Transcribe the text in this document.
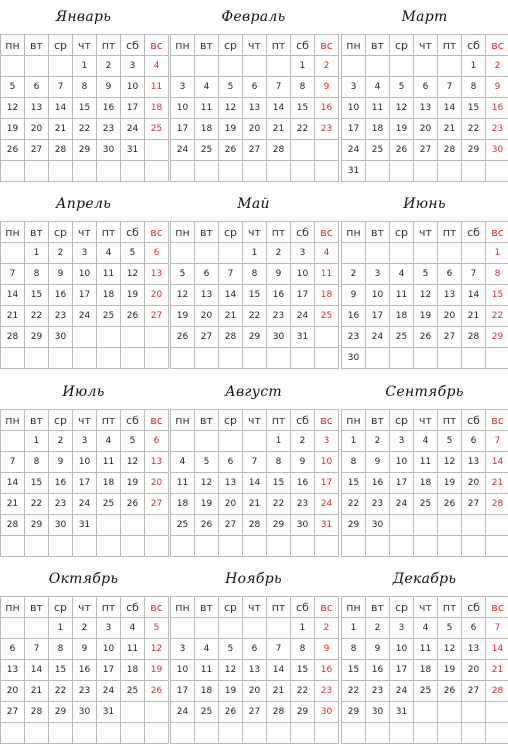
Январь
пн	вт	ср	чт	пт	сб	вс
			1	2	3	4
5	6	7	8	9	10	11
12	13	14	15	16	17	18
19	20	21	22	23	24	25
26	27	28	29	30	31	

Февраль
пн	вт	ср	чт	пт	сб	вс
					1	2
3	4	5	6	7	8	9
10	11	12	13	14	15	16
17	18	19	20	21	22	23
24	25	26	27	28		

Март
пн	вт	ср	чт	пт	сб	вс
					1	2
3	4	5	6	7	8	9
10	11	12	13	14	15	16
17	18	19	20	21	22	23
24	25	26	27	28	29	30
31						
Апрель
пн	вт	ср	чт	пт	сб	вс
	1	2	3	4	5	6
7	8	9	10	11	12	13
14	15	16	17	18	19	20
21	22	23	24	25	26	27
28	29	30				

Май
пн	вт	ср	чт	пт	сб	вс
			1	2	3	4
5	6	7	8	9	10	11
12	13	14	15	16	17	18
19	20	21	22	23	24	25
26	27	28	29	30	31	

Июнь
пн	вт	ср	чт	пт	сб	вс
						1
2	3	4	5	6	7	8
9	10	11	12	13	14	15
16	17	18	19	20	21	22
23	24	25	26	27	28	29
30						
Июль
пн	вт	ср	чт	пт	сб	вс
	1	2	3	4	5	6
7	8	9	10	11	12	13
14	15	16	17	18	19	20
21	22	23	24	25	26	27
28	29	30	31			

Август
пн	вт	ср	чт	пт	сб	вс
				1	2	3
4	5	6	7	8	9	10
11	12	13	14	15	16	17
18	19	20	21	22	23	24
25	26	27	28	29	30	31

Сентябрь
пн	вт	ср	чт	пт	сб	вс
1	2	3	4	5	6	7
8	9	10	11	12	13	14
15	16	17	18	19	20	21
22	23	24	25	26	27	28
29	30					

Октябрь
пн	вт	ср	чт	пт	сб	вс
		1	2	3	4	5
6	7	8	9	10	11	12
13	14	15	16	17	18	19
20	21	22	23	24	25	26
27	28	29	30	31		

Ноябрь
пн	вт	ср	чт	пт	сб	вс
					1	2
3	4	5	6	7	8	9
10	11	12	13	14	15	16
17	18	19	20	21	22	23
24	25	26	27	28	29	30

Декабрь
пн	вт	ср	чт	пт	сб	вс
1	2	3	4	5	6	7
8	9	10	11	12	13	14
15	16	17	18	19	20	21
22	23	24	25	26	27	28
29	30	31				
